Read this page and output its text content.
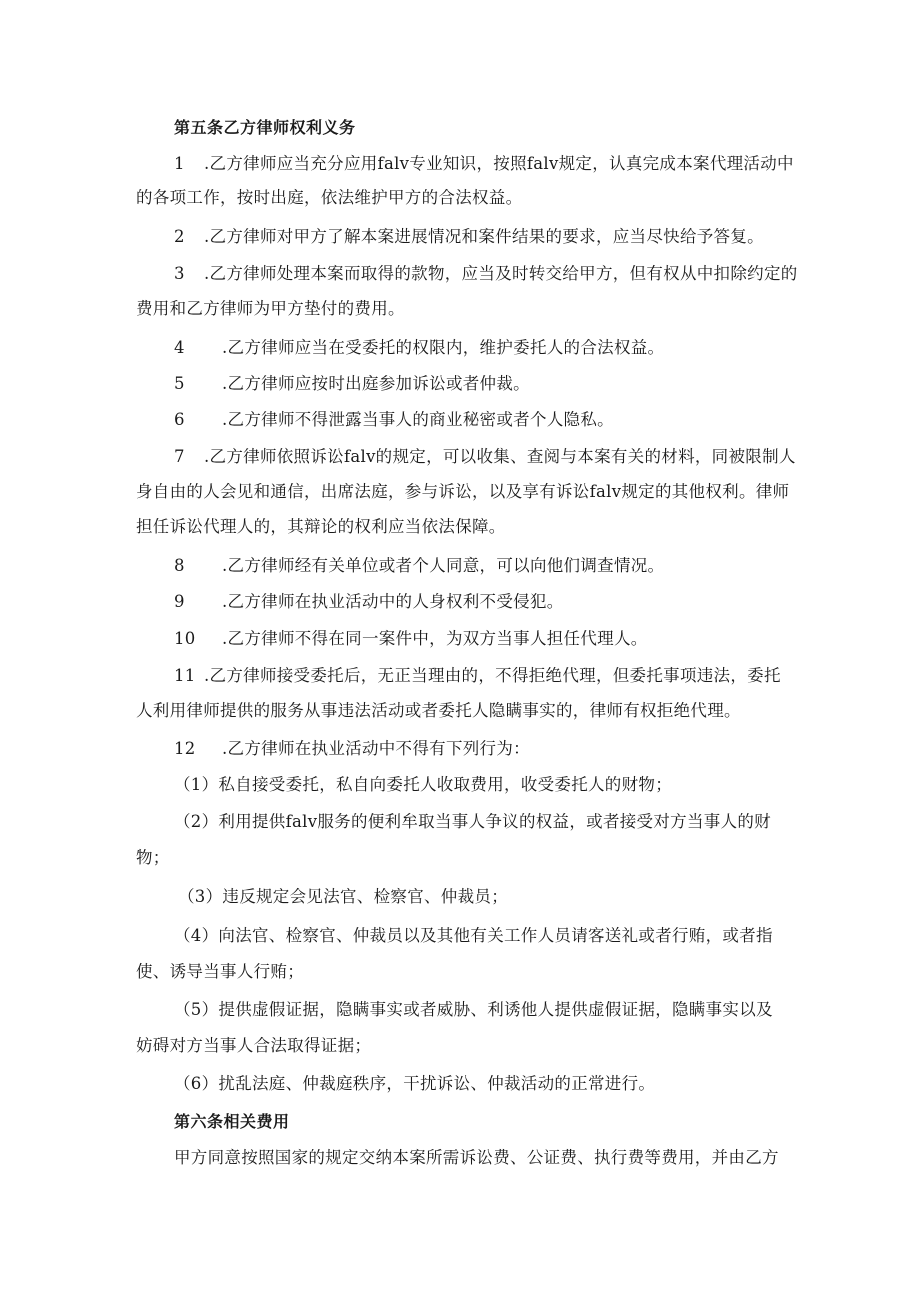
第五条乙方律师权利义务
1 .乙方律师应当充分应用falv专业知识，按照falv规定，认真完成本案代理活动中
的各项工作，按时出庭，依法维护甲方的合法权益。
2 .乙方律师对甲方了解本案进展情况和案件结果的要求，应当尽快给予答复。
3 .乙方律师处理本案而取得的款物，应当及时转交给甲方，但有权从中扣除约定的
费用和乙方律师为甲方垫付的费用。
4 .乙方律师应当在受委托的权限内，维护委托人的合法权益。
5 .乙方律师应按时出庭参加诉讼或者仲裁。
6 .乙方律师不得泄露当事人的商业秘密或者个人隐私。
7 .乙方律师依照诉讼falv的规定，可以收集、查阅与本案有关的材料，同被限制人
身自由的人会见和通信，出席法庭，参与诉讼，以及享有诉讼falv规定的其他权利。律师
担任诉讼代理人的，其辩论的权利应当依法保障。
8 .乙方律师经有关单位或者个人同意，可以向他们调查情况。
9 .乙方律师在执业活动中的人身权利不受侵犯。
10 .乙方律师不得在同一案件中，为双方当事人担任代理人。
11 .乙方律师接受委托后，无正当理由的，不得拒绝代理，但委托事项违法，委托
人利用律师提供的服务从事违法活动或者委托人隐瞒事实的，律师有权拒绝代理。
12 .乙方律师在执业活动中不得有下列行为：
（1）私自接受委托，私自向委托人收取费用，收受委托人的财物；
（2）利用提供falv服务的便利牟取当事人争议的权益，或者接受对方当事人的财
物；
（3）违反规定会见法官、检察官、仲裁员；
（4）向法官、检察官、仲裁员以及其他有关工作人员请客送礼或者行贿，或者指
使、诱导当事人行贿；
（5）提供虚假证据，隐瞒事实或者威胁、利诱他人提供虚假证据，隐瞒事实以及
妨碍对方当事人合法取得证据；
（6）扰乱法庭、仲裁庭秩序，干扰诉讼、仲裁活动的正常进行。
第六条相关费用
甲方同意按照国家的规定交纳本案所需诉讼费、公证费、执行费等费用，并由乙方
